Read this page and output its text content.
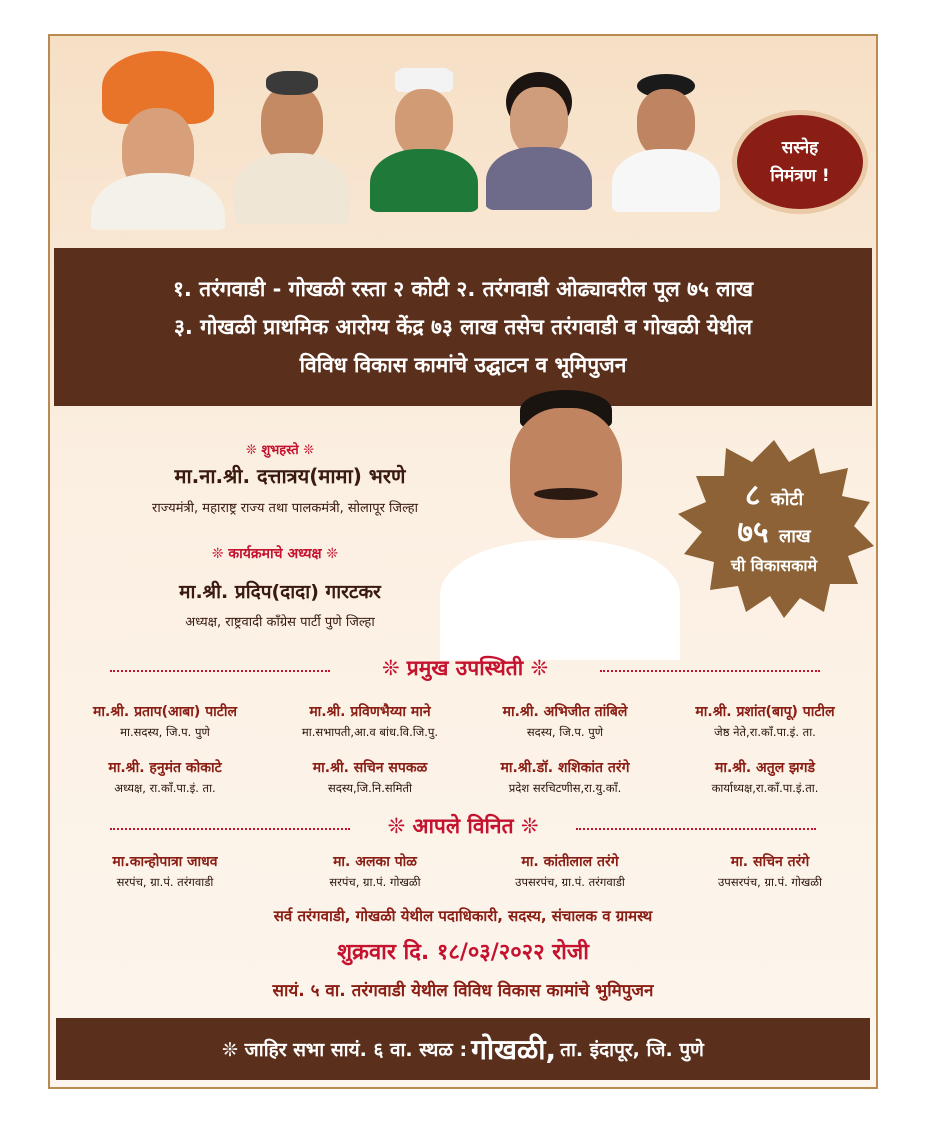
सस्नेह
निमंत्रण !
१. तरंगवाडी - गोखळी रस्ता २ कोटी २. तरंगवाडी ओढ्यावरील पूल ७५ लाख
३. गोखळी प्राथमिक आरोग्य केंद्र ७३ लाख तसेच तरंगवाडी व गोखळी येथील
विविध विकास कामांचे उद्घाटन व भूमिपुजन
❊ शुभहस्ते ❊
मा.ना.श्री. दत्तात्रय(मामा) भरणे
राज्यमंत्री, महाराष्ट्र राज्य तथा पालकमंत्री, सोलापूर जिल्हा
❊ कार्यक्रमाचे अध्यक्ष ❊
मा.श्री. प्रदिप(दादा) गारटकर
अध्यक्ष, राष्ट्रवादी काँग्रेस पार्टी पुणे जिल्हा
८ कोटी
७५ लाख
ची विकासकामे
❊ प्रमुख उपस्थिती ❊
मा.श्री. प्रताप(आबा) पाटील
मा.सदस्य, जि.प. पुणे
मा.श्री. प्रविणभैय्या माने
मा.सभापती,आ.व बांध.वि.जि.पु.
मा.श्री. अभिजीत तांबिले
सदस्य, जि.प. पुणे
मा.श्री. प्रशांत(बापू) पाटील
जेष्ठ नेते,रा.काँ.पा.इं. ता.
मा.श्री. हनुमंत कोकाटे
अध्यक्ष, रा.काँ.पा.इं. ता.
मा.श्री. सचिन सपकळ
सदस्य,जि.नि.समिती
मा.श्री.डॉ. शशिकांत तरंगे
प्रदेश सरचिटणीस,रा.यु.काँ.
मा.श्री. अतुल झगडे
कार्याध्यक्ष,रा.काँ.पा.इं.ता.
❊ आपले विनित ❊
मा.कान्होपात्रा जाधव
सरपंच, ग्रा.पं. तरंगवाडी
मा. अलका पोळ
सरपंच, ग्रा.पं. गोखळी
मा. कांतीलाल तरंगे
उपसरपंच, ग्रा.पं. तरंगवाडी
मा. सचिन तरंगे
उपसरपंच, ग्रा.पं. गोखळी
सर्व तरंगवाडी, गोखळी येथील पदाधिकारी, सदस्य, संचालक व ग्रामस्थ
शुक्रवार दि. १८/०३/२०२२ रोजी
सायं. ५ वा. तरंगवाडी येथील विविध विकास कामांचे भुमिपुजन
❊ जाहिर सभा सायं. ६ वा. स्थळ : गोखळी, ता. इंदापूर, जि. पुणे
